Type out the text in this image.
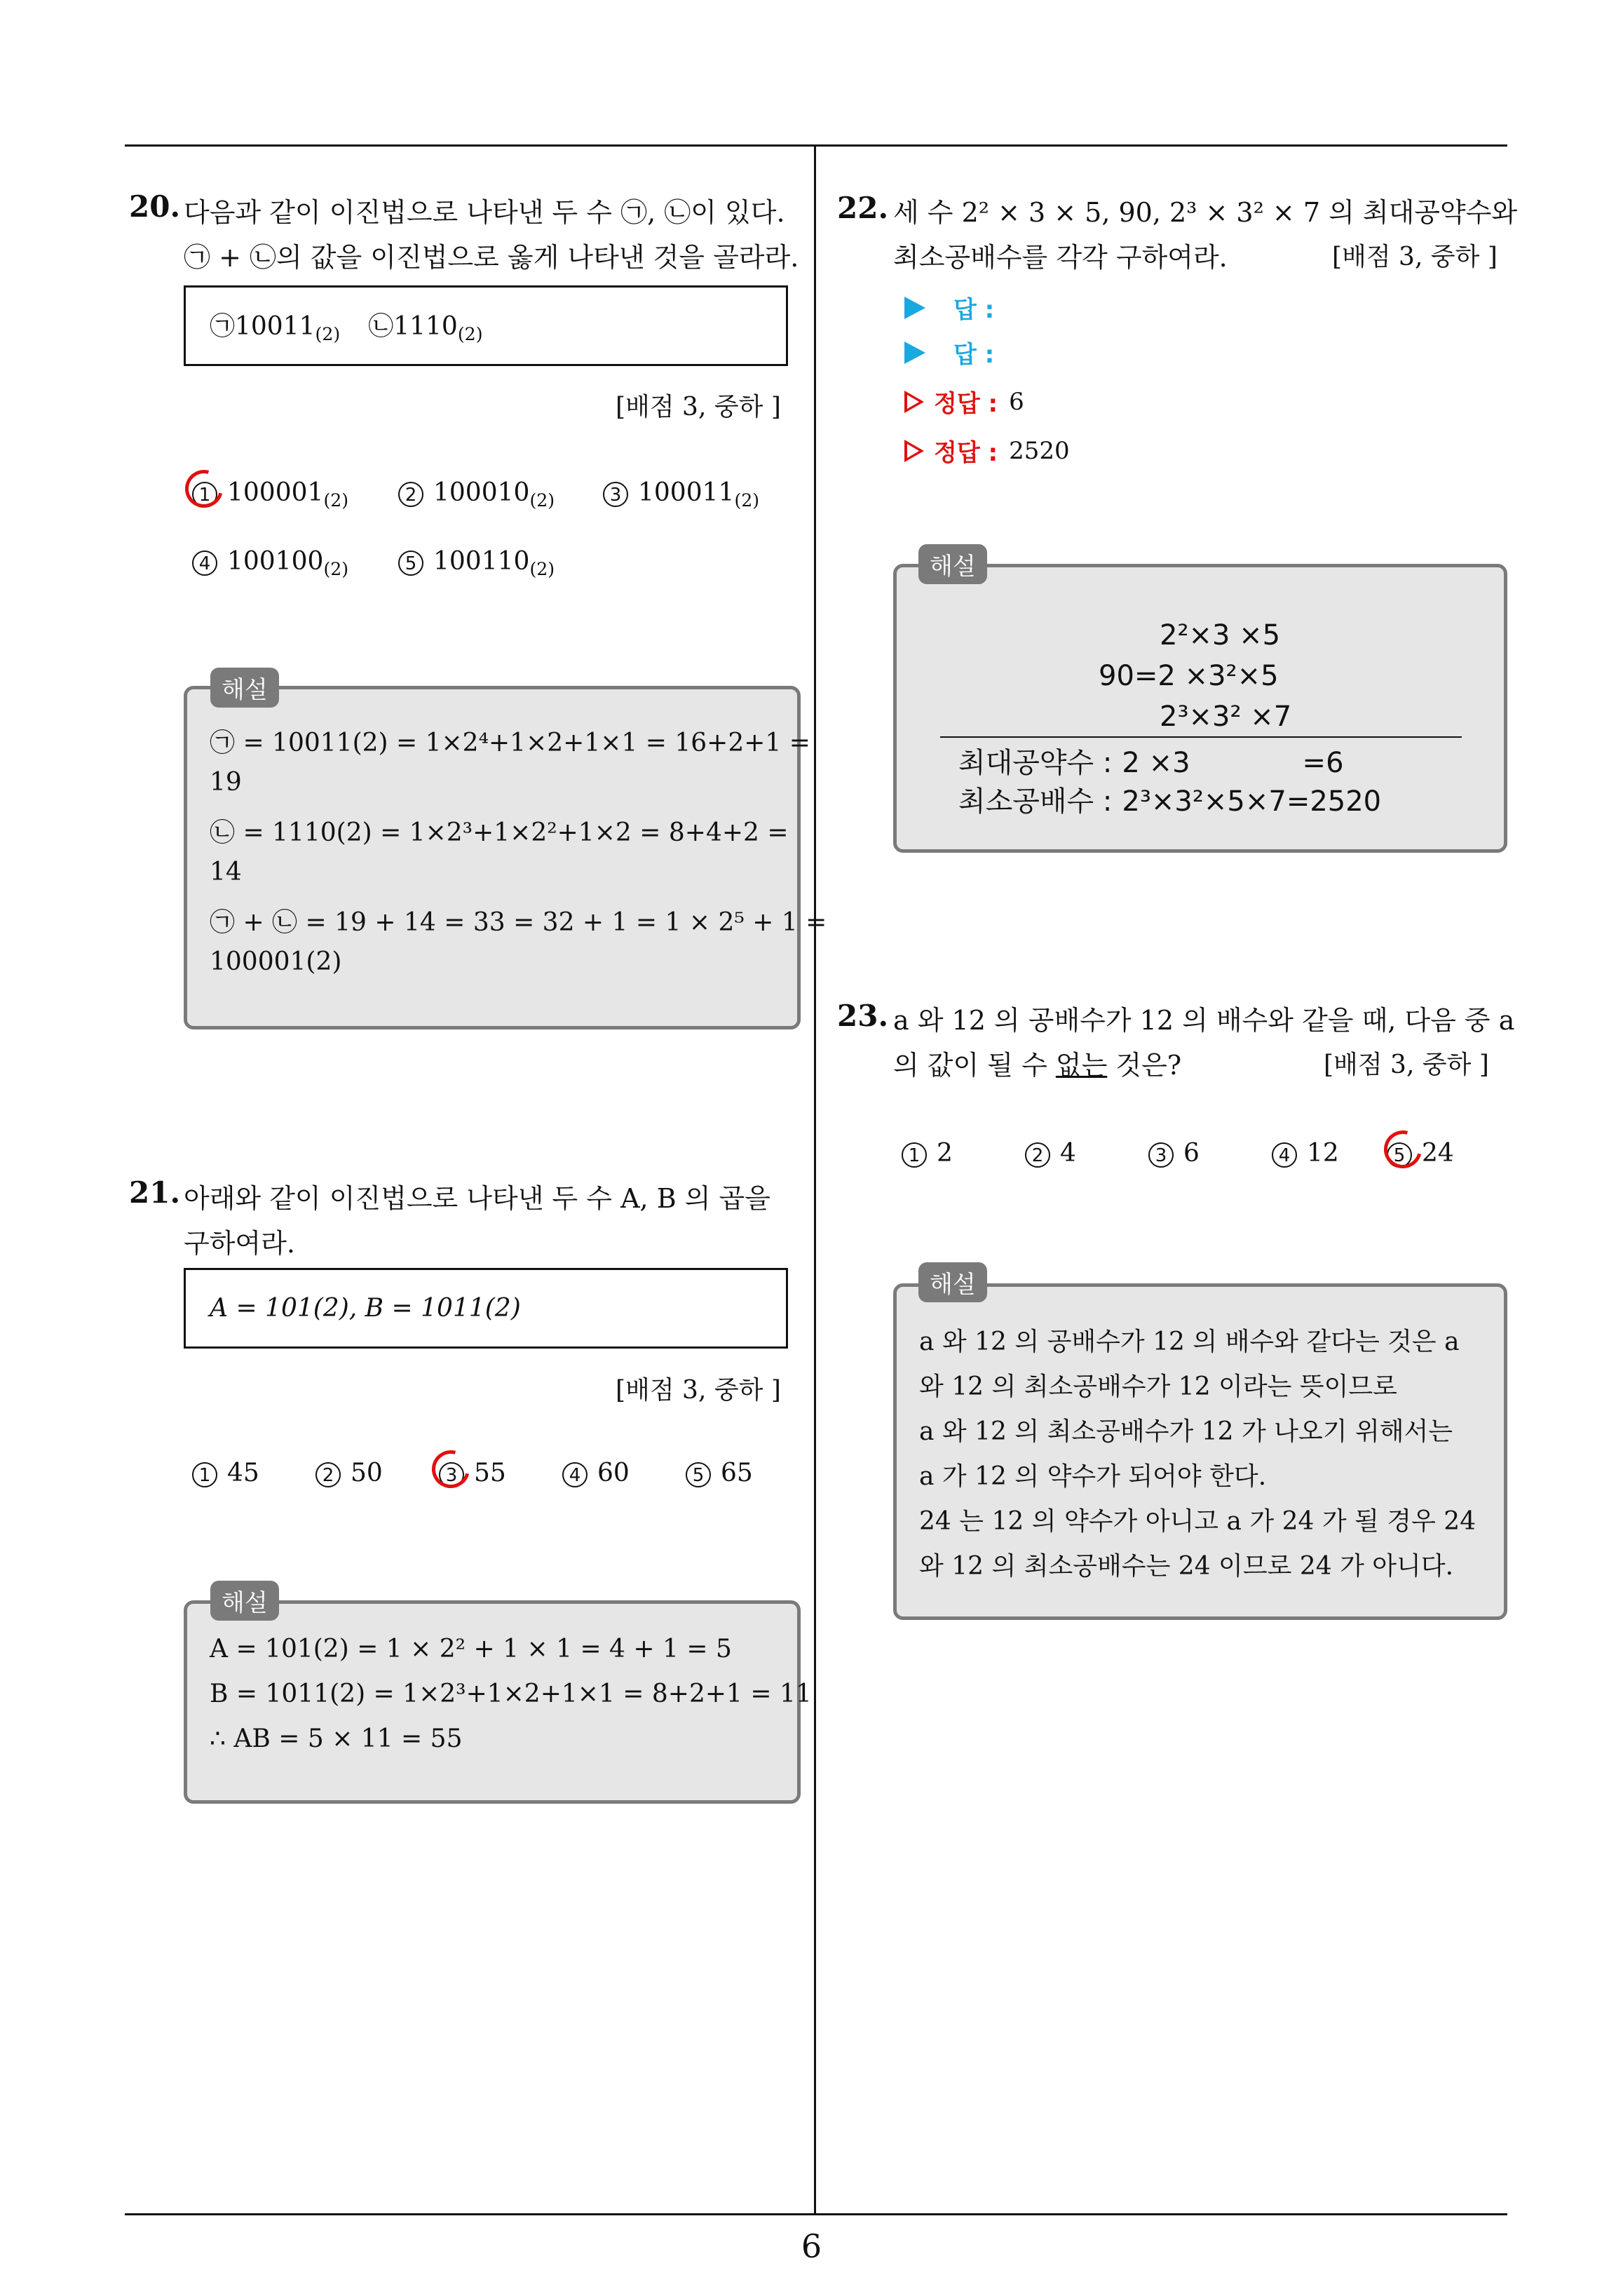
6
20. 다음과 같이 이진법으로 나타낸 두 수 ㉠, ㉡이 있다.
㉠ + ㉡의 값을 이진법으로 옳게 나타낸 것을 골라라.
$㉠10011_{(2)}$ $㉡1110_{(2)}$
[배점 3, 중하 ]
1 $100001_{(2)}$	2 $100010_{(2)}$	3 $100011_{(2)}$
4 $100100_{(2)}$	5 $100110_{(2)}$
㉠ = 10011(2) = 1×2⁴+1×2+1×1 = 16+2+1 =
19
㉡ = 1110(2) = 1×2³+1×2²+1×2 = 8+4+2 =
14
㉠ + ㉡ = 19 + 14 = 33 = 32 + 1 = 1 × 2⁵ + 1 =
100001(2)
해설
21. 아래와 같이 이진법으로 나타낸 두 수 A, B 의 곱을
구하여라.
A = 101(2), B = 1011(2)
[배점 3, 중하 ]
1 45	2 50	3 55	4 60	5 65
A = 101(2) = 1 × 2² + 1 × 1 = 4 + 1 = 5
B = 1011(2) = 1×2³+1×2+1×1 = 8+2+1 = 11
∴ AB = 5 × 11 = 55
해설
22. 세 수 2² × 3 × 5, 90, 2³ × 3² × 7 의 최대공약수와
최소공배수를 각각 구하여라.	[배점 3, 중하 ]
답 :
답 :
정답 : 6
정답 : 2520
2²×3 ×5
90=2 ×3²×5
2³×3² ×7
최대공약수 : 2 ×3	=6
최소공배수 : 2³×3²×5×7=2520
해설
23. a 와 12 의 공배수가 12 의 배수와 같을 때, 다음 중 a
의 값이 될 수 없는 것은?	[배점 3, 중하 ]
1 2	2 4	3 6	4 12	5 24
a 와 12 의 공배수가 12 의 배수와 같다는 것은 a
와 12 의 최소공배수가 12 이라는 뜻이므로
a 와 12 의 최소공배수가 12 가 나오기 위해서는
a 가 12 의 약수가 되어야 한다.
24 는 12 의 약수가 아니고 a 가 24 가 될 경우 24
와 12 의 최소공배수는 24 이므로 24 가 아니다.
해설
